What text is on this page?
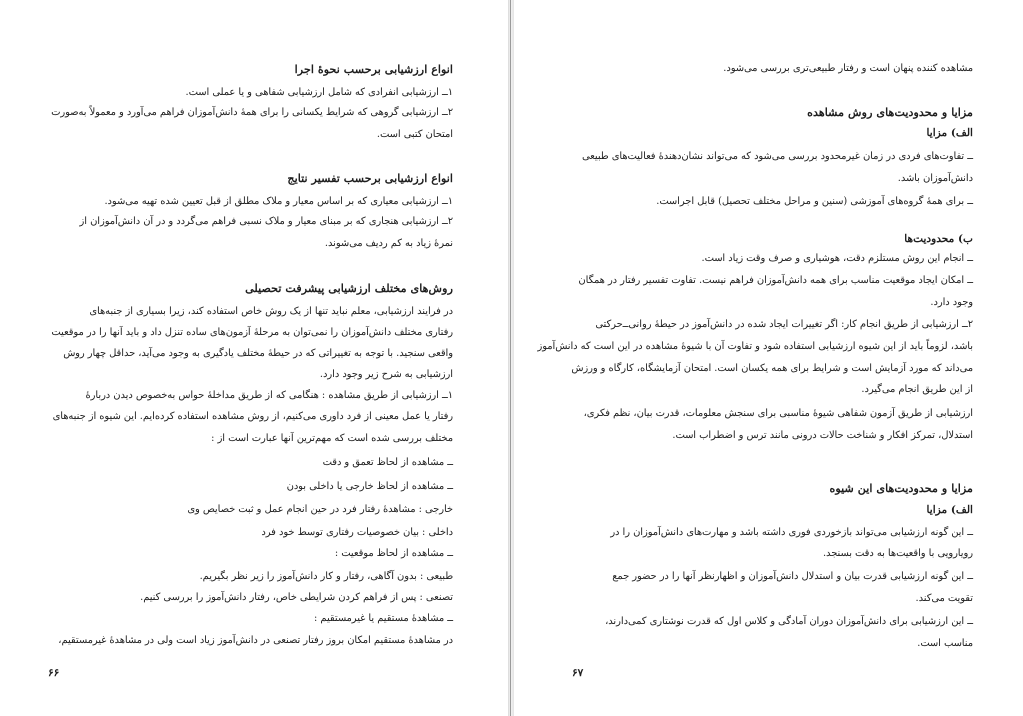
انواع ارزشیابی برحسب نحوهٔ اجرا
۱ــ ارزشیابی انفرادی که شامل ارزشیابی شفاهی و یا عملی است.
۲ــ ارزشیابی گروهی که شرایط یکسانی را برای همهٔ دانش‌آموزان فراهم می‌آورد و معمولاً به‌صورت
امتحان کتبی است.
انواع ارزشیابی برحسب تفسیر نتایج
۱ــ ارزشیابی معیاری که بر اساس معیار و ملاک مطلق از قبل تعیین شده تهیه می‌شود.
۲ــ ارزشیابی هنجاری که بر مبنای معیار و ملاک نسبی فراهم می‌گردد و در آن دانش‌آموزان از
نمرهٔ زیاد به کم ردیف می‌شوند.
روش‌های مختلف ارزشیابی پیشرفت تحصیلی
در فرایند ارزشیابی، معلم نباید تنها از یک روش خاص استفاده کند، زیرا بسیاری از جنبه‌های
رفتاری مختلف دانش‌آموزان را نمی‌توان به مرحلهٔ آزمون‌های ساده تنزل داد و باید آنها را در موقعیت
واقعی سنجید. با توجه به تغییراتی که در حیطهٔ مختلف یادگیری به وجود می‌آید، حداقل چهار روش
ارزشیابی به شرح زیر وجود دارد.
۱ــ ارزشیابی از طریق مشاهده : هنگامی که از طریق مداخلهٔ حواس به‌خصوص دیدن دربارهٔ
رفتار یا عمل معینی از فرد داوری می‌کنیم، از روش مشاهده استفاده کرده‌ایم. این شیوه از جنبه‌های
مختلف بررسی شده است که مهم‌ترین آنها عبارت است از :
ــ مشاهده از لحاظ تعمق و دقت
ــ مشاهده از لحاظ خارجی یا داخلی بودن
خارجی : مشاهدهٔ رفتار فرد در حین انجام عمل و ثبت خصایص وی
داخلی : بیان خصوصیات رفتاری توسط خود فرد
ــ مشاهده از لحاظ موقعیت :
طبیعی : بدون آگاهی، رفتار و کار دانش‌آموز را زیر نظر بگیریم.
تصنعی : پس از فراهم کردن شرایطی خاص، رفتار دانش‌آموز را بررسی کنیم.
ــ مشاهدهٔ مستقیم یا غیرمستقیم :
در مشاهدهٔ مستقیم امکان بروز رفتار تصنعی در دانش‌آموز زیاد است ولی در مشاهدهٔ غیرمستقیم،
۶۶
مشاهده کننده پنهان است و رفتار طبیعی‌تری بررسی می‌شود.
مزایا و محدودیت‌های روش مشاهده
الف) مزایا
ــ تفاوت‌های فردی در زمان غیرمحدود بررسی می‌شود که می‌تواند نشان‌دهندهٔ فعالیت‌های طبیعی
دانش‌آموزان باشد.
ــ برای همهٔ گروه‌های آموزشی (سنین و مراحل مختلف تحصیل) قابل اجراست.
ب) محدودیت‌ها
ــ انجام این روش مستلزم دقت، هوشیاری و صرف وقت زیاد است.
ــ امکان ایجاد موقعیت مناسب برای همه دانش‌آموزان فراهم نیست. تفاوت تفسیر رفتار در همگان
وجود دارد.
۲ــ ارزشیابی از طریق انجام کار: اگر تغییرات ایجاد شده در دانش‌آموز در حیطهٔ روانی‌ــ‌حرکتی
باشد، لزوماً باید از این شیوه ارزشیابی استفاده شود و تفاوت آن با شیوهٔ مشاهده در این است که دانش‌آموز
می‌داند که مورد آزمایش است و شرایط برای همه یکسان است. امتحان آزمایشگاه، کارگاه و ورزش
از این طریق انجام می‌گیرد.
ارزشیابی از طریق آزمون شفاهی شیوهٔ مناسبی برای سنجش معلومات، قدرت بیان، نظم فکری،
استدلال، تمرکز افکار و شناخت حالات درونی مانند ترس و اضطراب است.
مزایا و محدودیت‌های این شیوه
الف) مزایا
ــ این گونه ارزشیابی می‌تواند بازخوردی فوری داشته باشد و مهارت‌های دانش‌آموزان را در
رویارویی با واقعیت‌ها به دقت بسنجد.
ــ این گونه ارزشیابی قدرت بیان و استدلال دانش‌آموزان و اظهارنظر آنها را در حضور جمع
تقویت می‌کند.
ــ این ارزشیابی برای دانش‌آموزان دوران آمادگی و کلاس اول که قدرت نوشتاری کمی‌دارند،
مناسب است.
۶۷
